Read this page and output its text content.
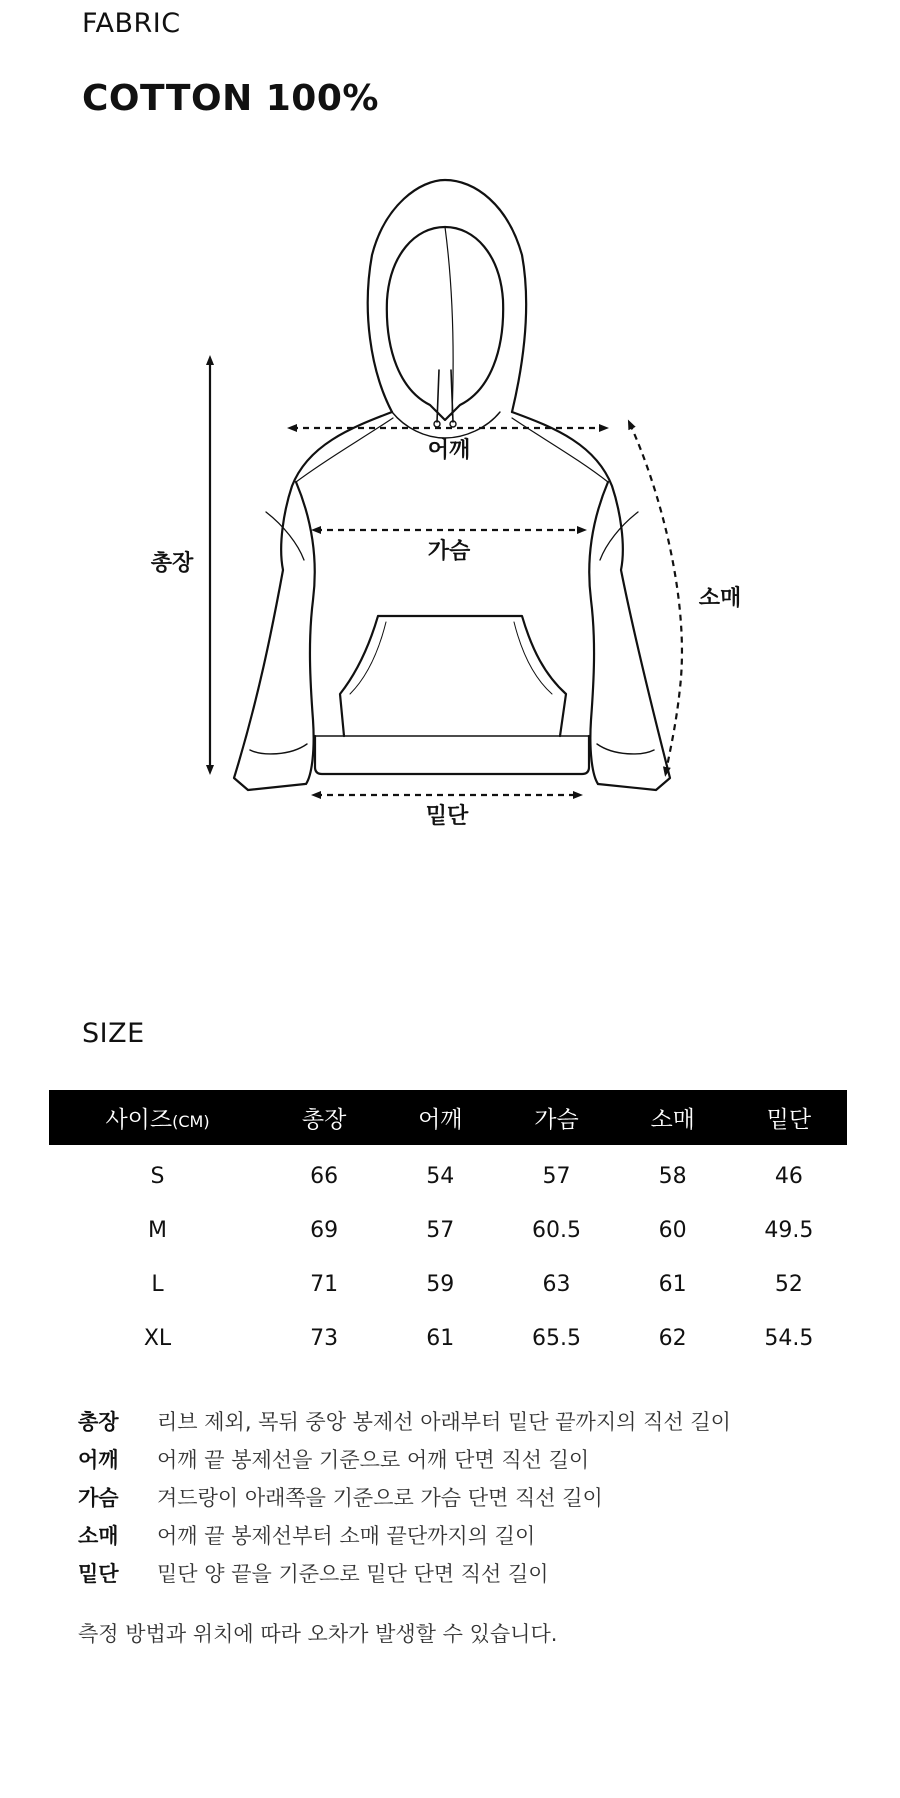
FABRIC
COTTON 100%
총장
어깨
가슴
소매
밑단
SIZE
사이즈(CM)	총장	어깨	가슴	소매	밑단
S	66	54	57	58	46
M	69	57	60.5	60	49.5
L	71	59	63	61	52
XL	73	61	65.5	62	54.5
총장	리브 제외, 목뒤 중앙 봉제선 아래부터 밑단 끝까지의 직선 길이
어깨	어깨 끝 봉제선을 기준으로 어깨 단면 직선 길이
가슴	겨드랑이 아래쪽을 기준으로 가슴 단면 직선 길이
소매	어깨 끝 봉제선부터 소매 끝단까지의 길이
밑단	밑단 양 끝을 기준으로 밑단 단면 직선 길이
측정 방법과 위치에 따라 오차가 발생할 수 있습니다.
